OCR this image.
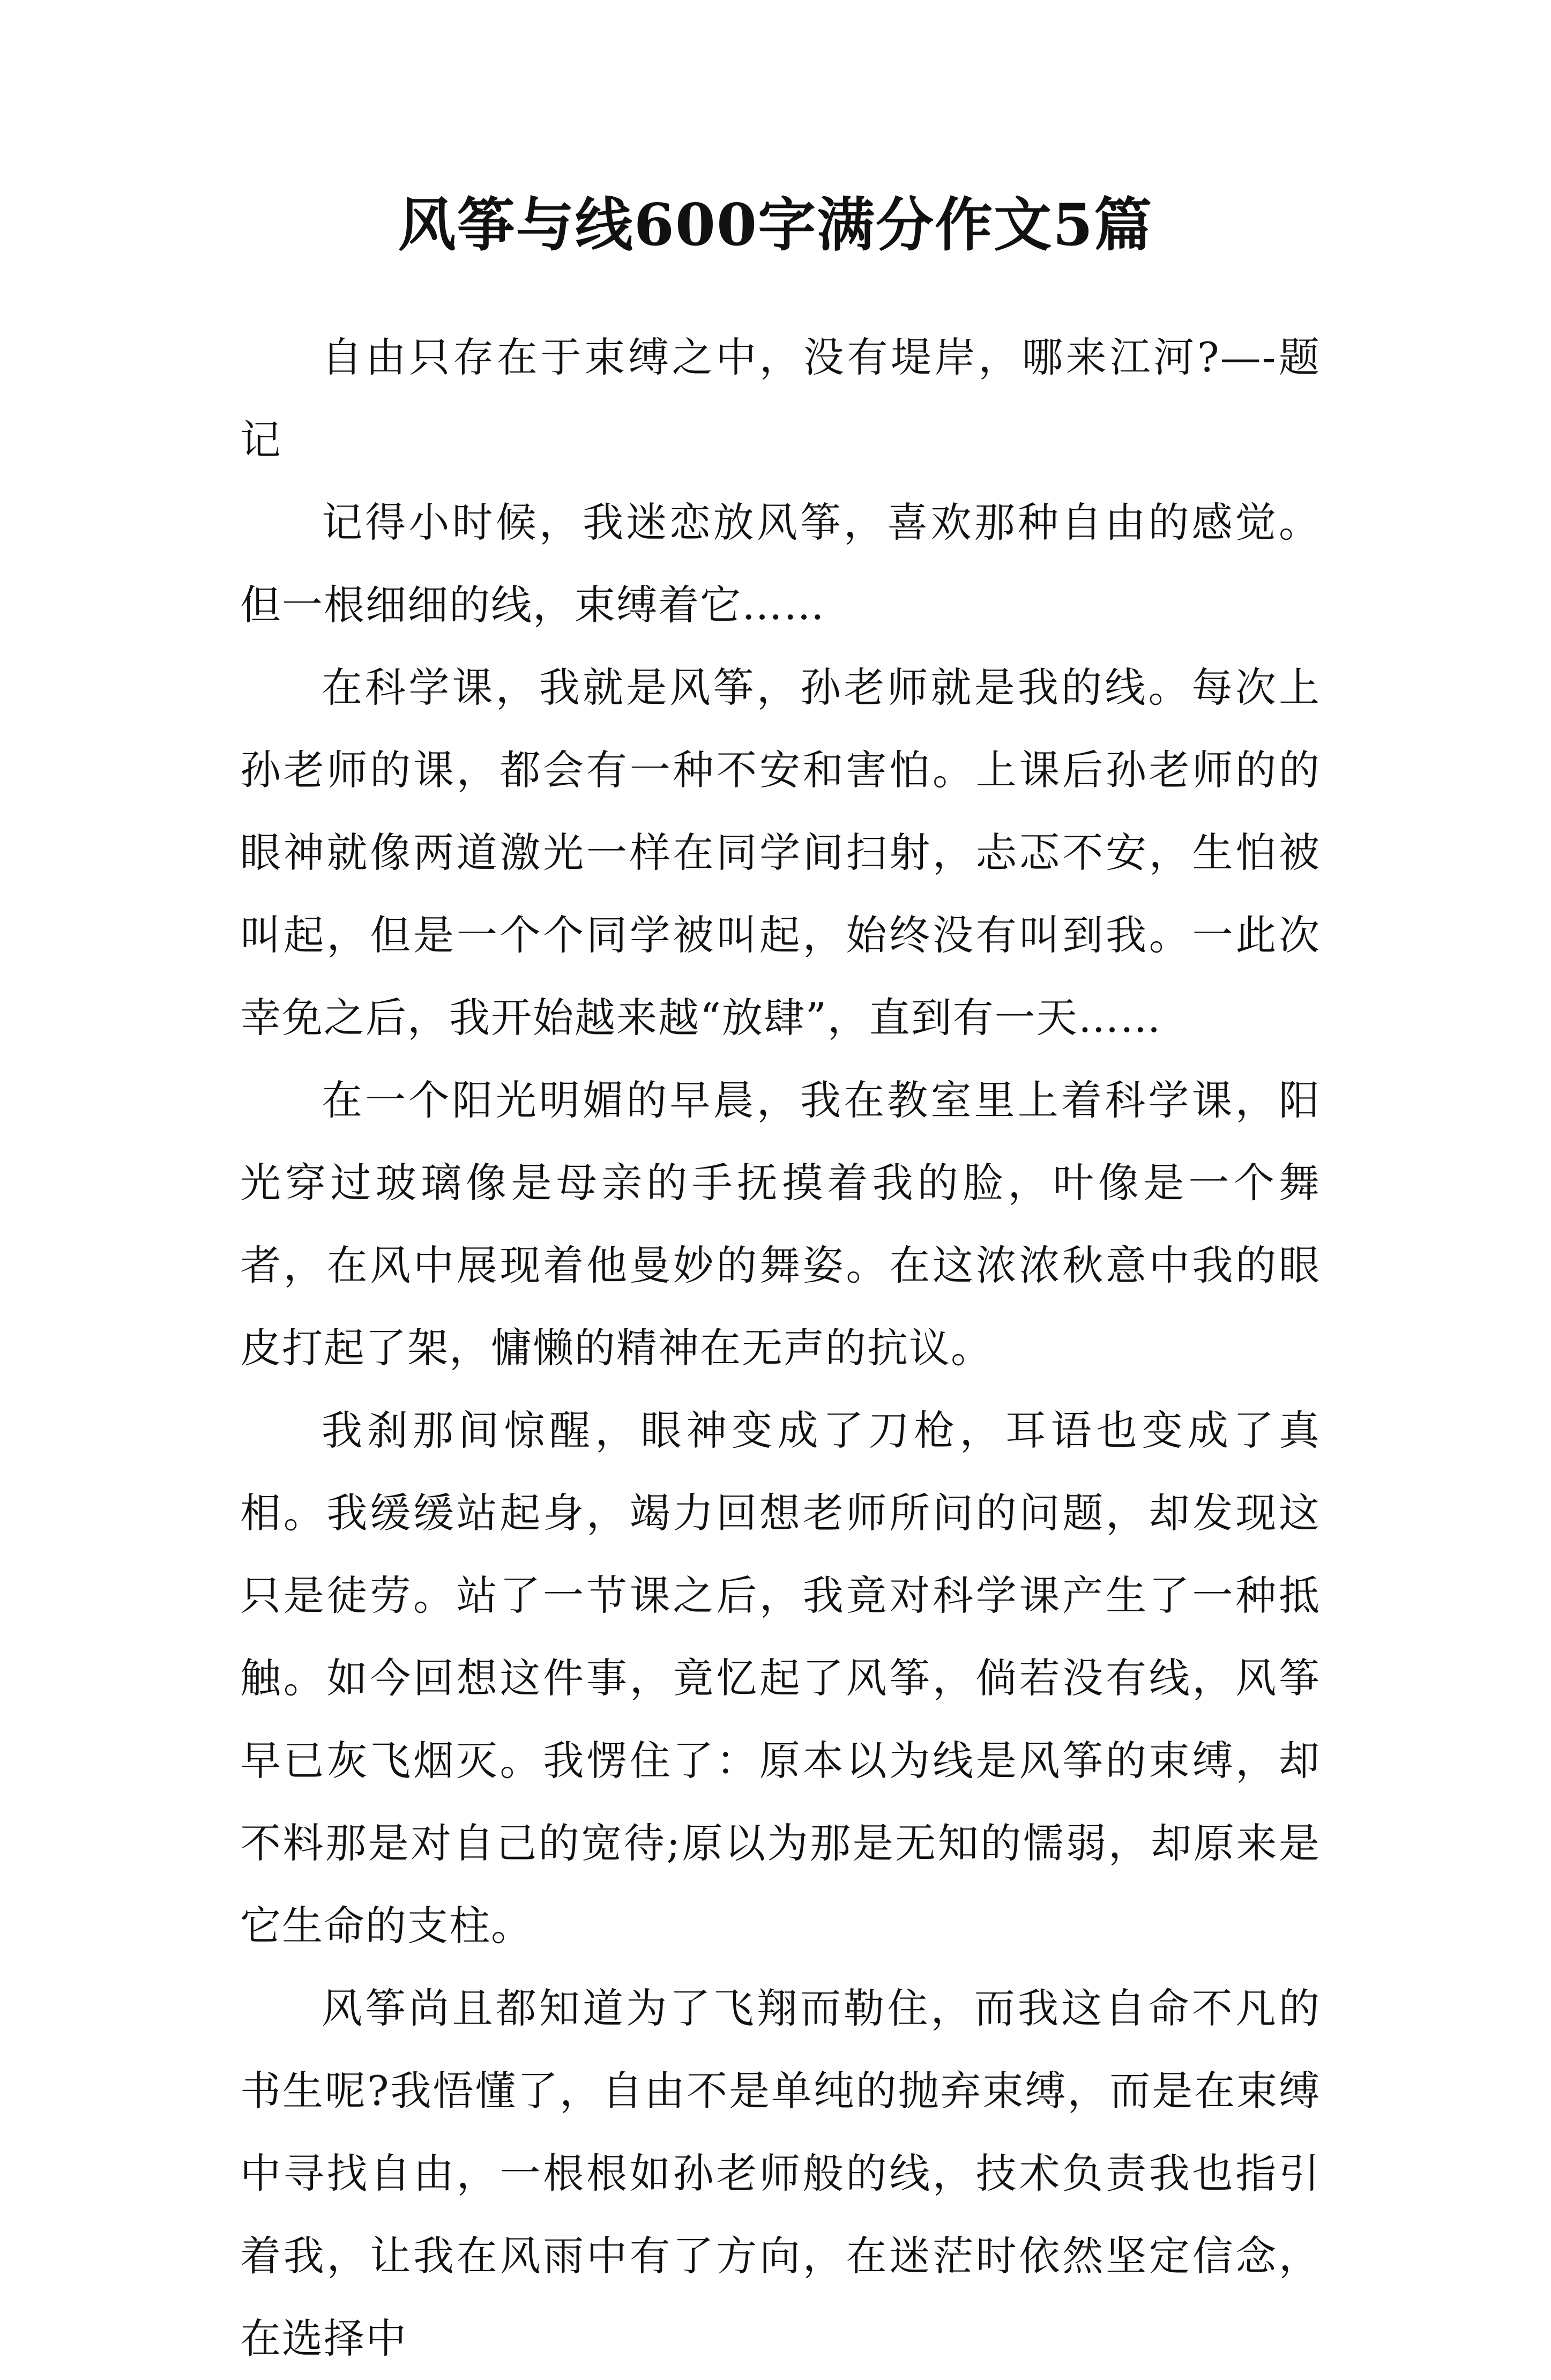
风筝与线600字满分作文5篇

自由只存在于束缚之中，没有堤岸，哪来江河?—-题记

记得小时候，我迷恋放风筝，喜欢那种自由的感觉。但一根细细的线，束缚着它……

在科学课，我就是风筝，孙老师就是我的线。每次上孙老师的课，都会有一种不安和害怕。上课后孙老师的的眼神就像两道激光一样在同学间扫射，忐忑不安，生怕被叫起，但是一个个同学被叫起，始终没有叫到我。一此次幸免之后，我开始越来越“放肆”，直到有一天……

在一个阳光明媚的早晨，我在教室里上着科学课，阳光穿过玻璃像是母亲的手抚摸着我的脸，叶像是一个舞者，在风中展现着他曼妙的舞姿。在这浓浓秋意中我的眼皮打起了架，慵懒的精神在无声的抗议。

我刹那间惊醒，眼神变成了刀枪，耳语也变成了真相。我缓缓站起身，竭力回想老师所问的问题，却发现这只是徒劳。站了一节课之后，我竟对科学课产生了一种抵触。如今回想这件事，竟忆起了风筝，倘若没有线，风筝早已灰飞烟灭。我愣住了：原本以为线是风筝的束缚，却不料那是对自己的宽待;原以为那是无知的懦弱，却原来是它生命的支柱。

风筝尚且都知道为了飞翔而勒住，而我这自命不凡的书生呢?我悟懂了，自由不是单纯的抛弃束缚，而是在束缚中寻找自由，一根根如孙老师般的线，技术负责我也指引着我，让我在风雨中有了方向，在迷茫时依然坚定信念，在选择中
